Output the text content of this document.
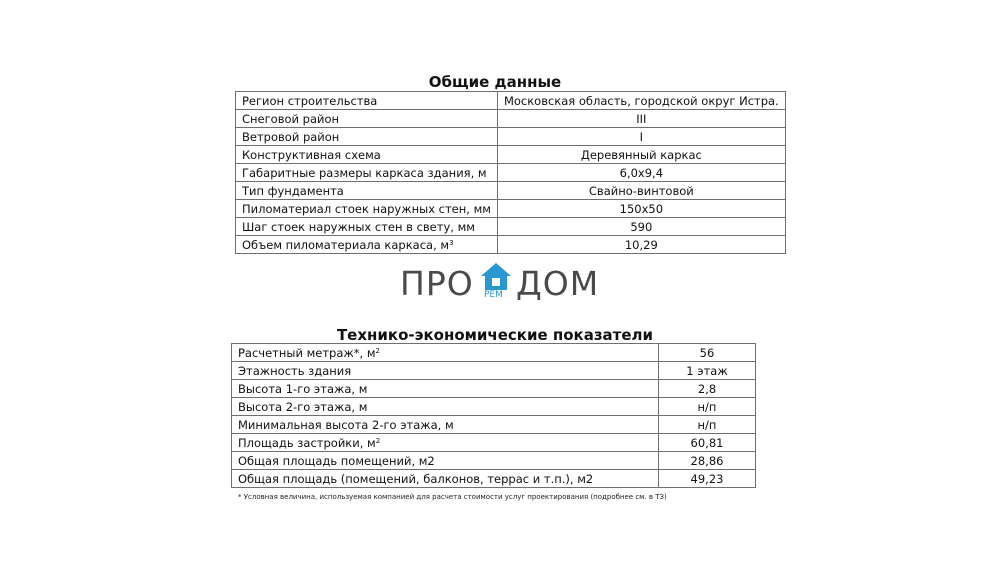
Общие данные
Регион строительства	Московская область, городской округ Истра.
Снеговой район	III
Ветровой район	I
Конструктивная схема	Деревянный каркас
Габаритные размеры каркаса здания, м	6,0х9,4
Тип фундамента	Свайно-винтовой
Пиломатериал стоек наружных стен, мм	150х50
Шаг стоек наружных стен в свету, мм	590
Объем пиломатериала каркаса, $м^3$	10,29
ПРО РЕМ ДОМ
Технико-экономические показатели
Расчетный метраж*, $м^2$	56
Этажность здания	1 этаж
Высота 1-го этажа, м	2,8
Высота 2-го этажа, м	н/п
Минимальная высота 2-го этажа, м	н/п
Площадь застройки, $м^2$	60,81
Общая площадь помещений, м2	28,86
Общая площадь (помещений, балконов, террас и т.п.), м2	49,23
* Условная величина, используемая компанией для расчета стоимости услуг проектирования (подробнее см. в ТЗ)
